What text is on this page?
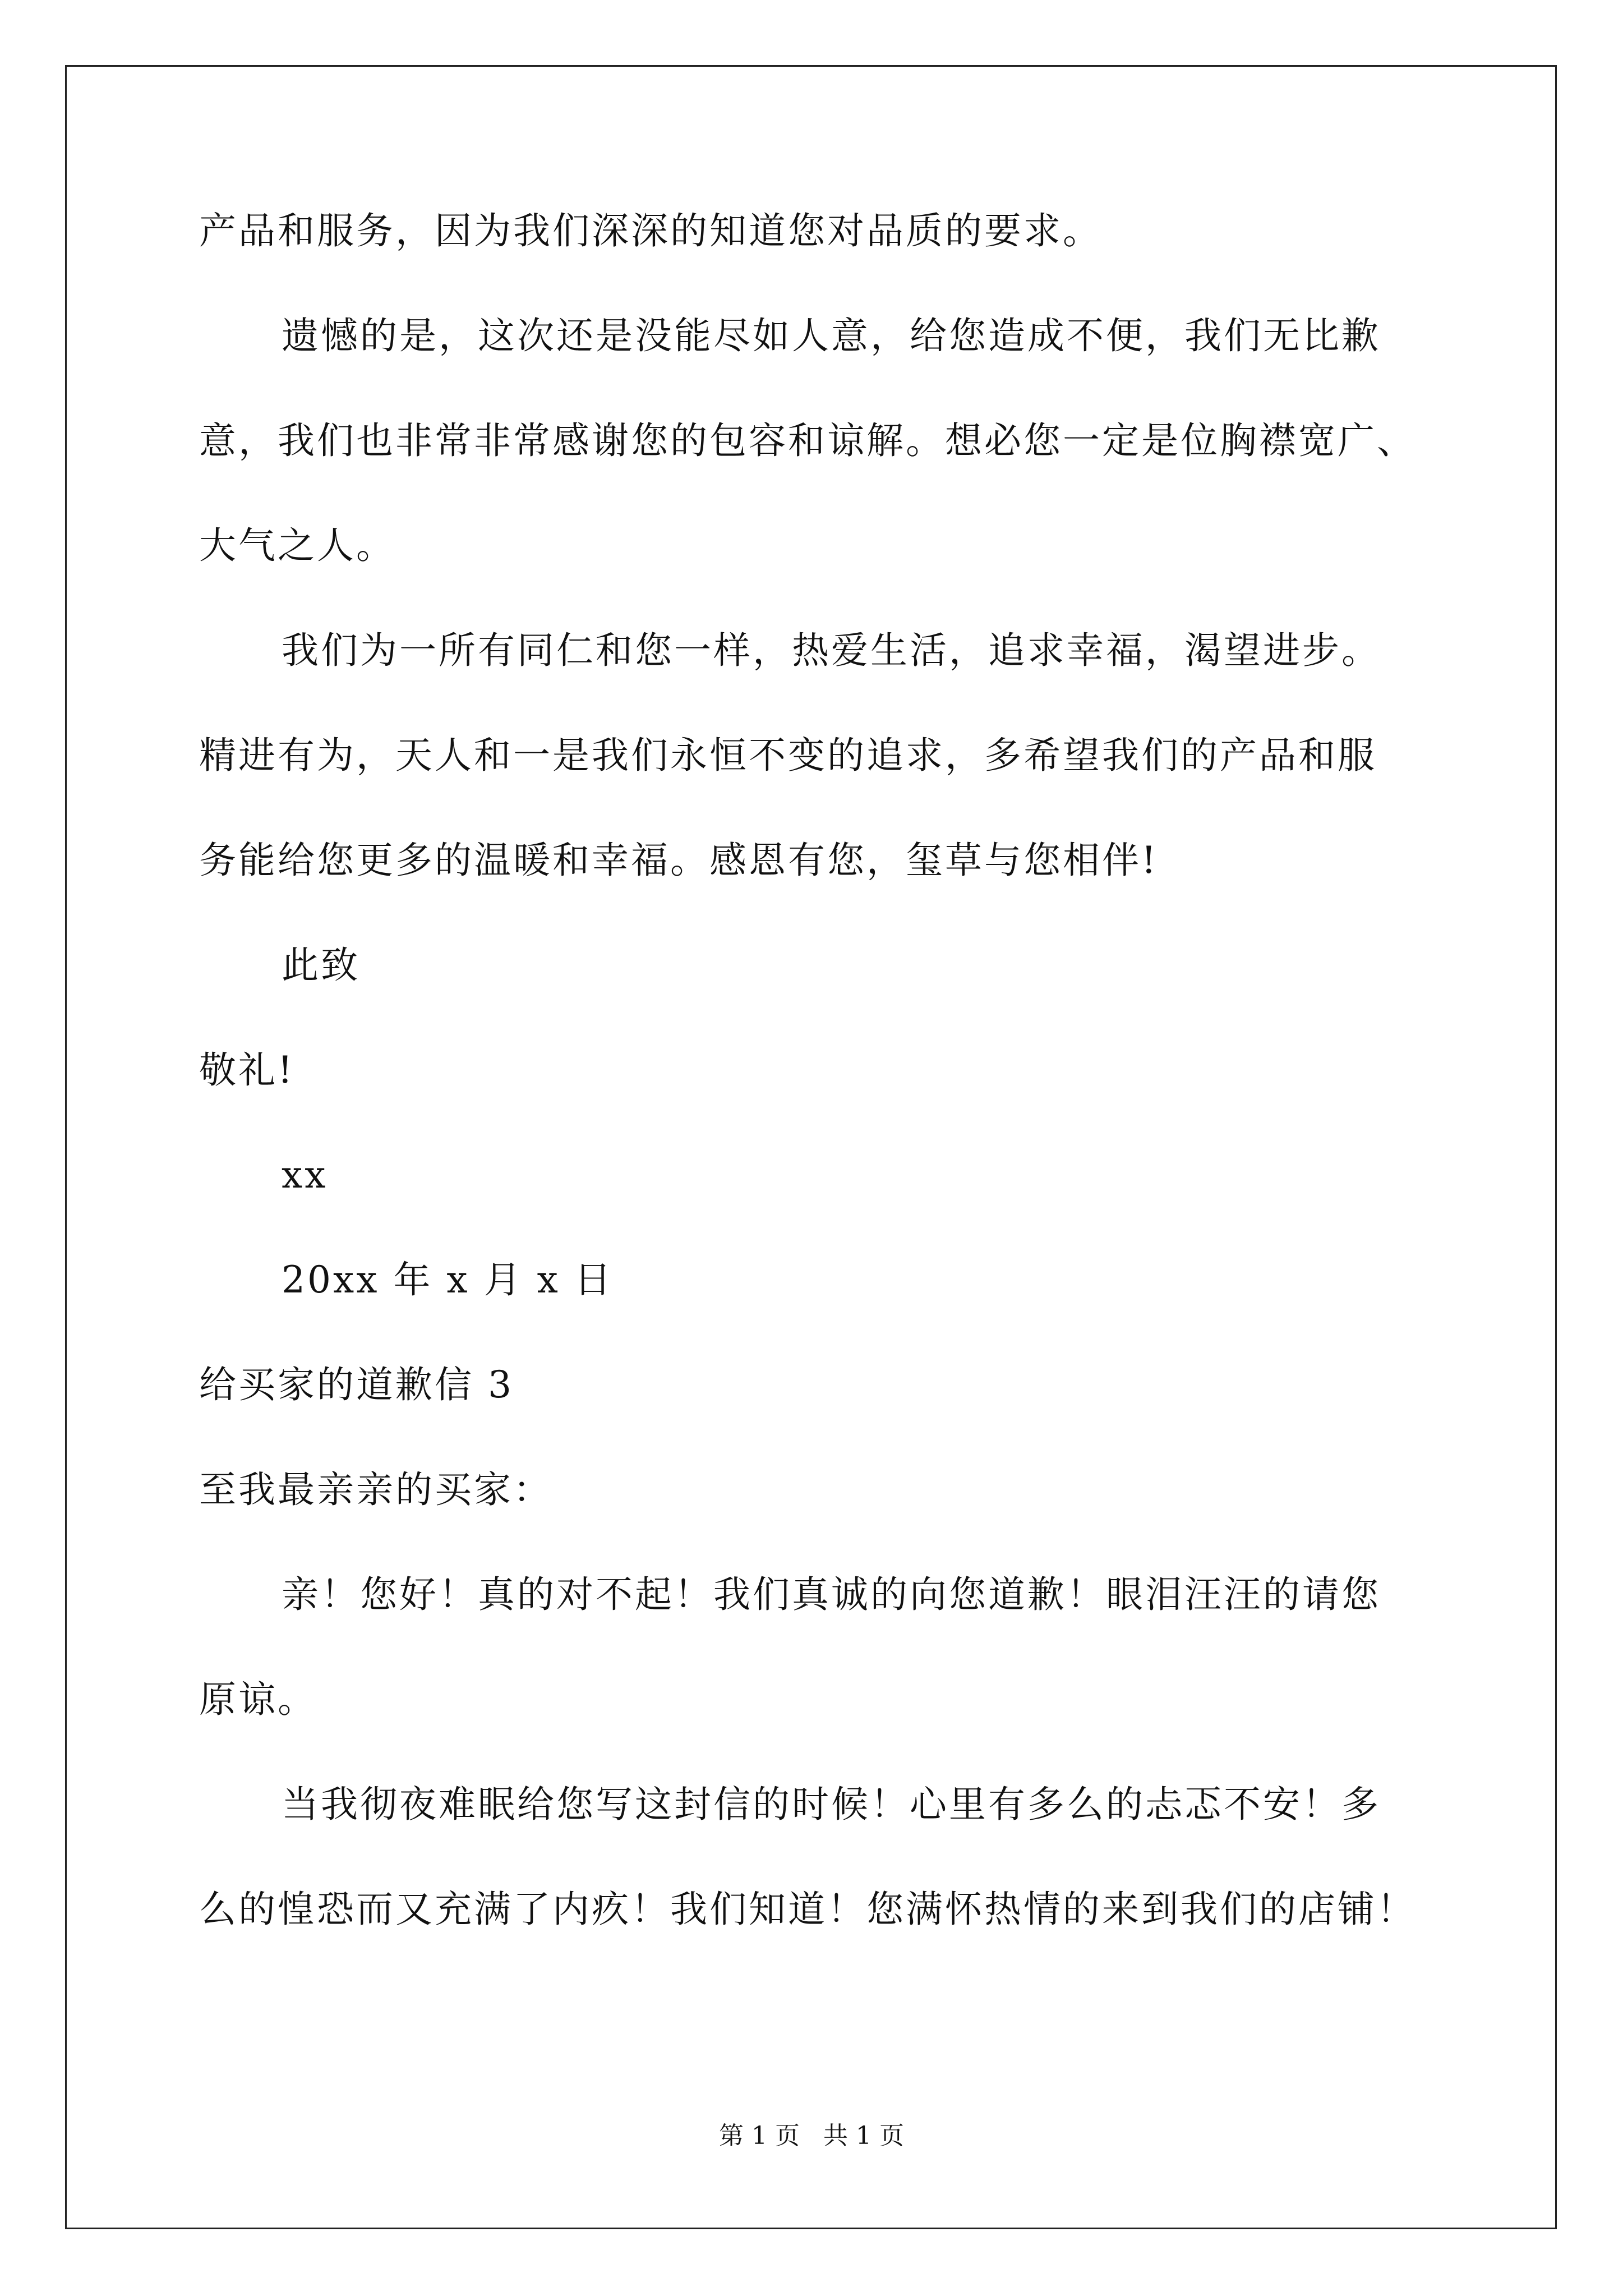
产品和服务，因为我们深深的知道您对品质的要求。
遗憾的是，这次还是没能尽如人意，给您造成不便，我们无比歉
意，我们也非常非常感谢您的包容和谅解。想必您一定是位胸襟宽广、
大气之人。
我们为一所有同仁和您一样，热爱生活，追求幸福，渴望进步。
精进有为，天人和一是我们永恒不变的追求，多希望我们的产品和服
务能给您更多的温暖和幸福。感恩有您，玺草与您相伴!
此致
敬礼!
xx
20xx 年 x 月 x 日
给买家的道歉信 3
至我最亲亲的买家：
亲！您好！真的对不起！我们真诚的向您道歉！眼泪汪汪的请您
原谅。
当我彻夜难眠给您写这封信的时候！心里有多么的忐忑不安！多
么的惶恐而又充满了内疚！我们知道！您满怀热情的来到我们的店铺！
第 1 页 共 1 页
